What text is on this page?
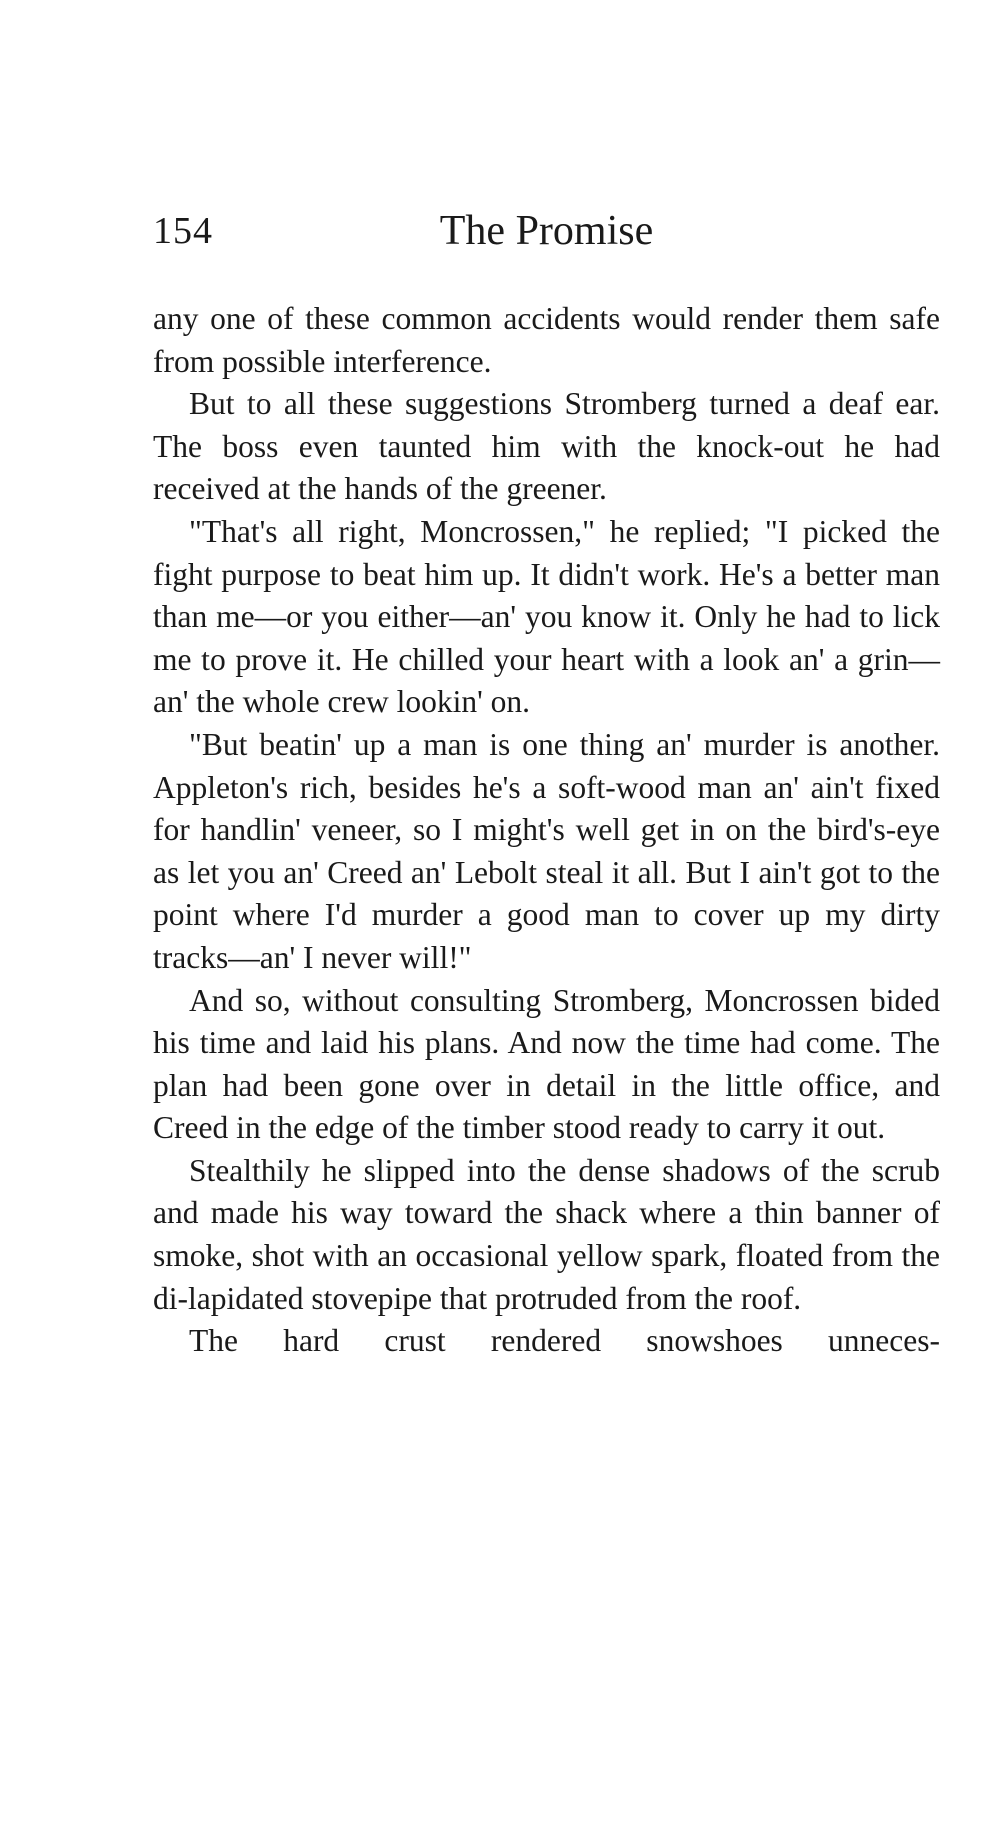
154	The Promise

any one of these common accidents would render them safe from possible interference.

But to all these suggestions Stromberg turned a deaf ear. The boss even taunted him with the knock-out he had received at the hands of the greener.

"That's all right, Moncrossen," he replied; "I picked the fight purpose to beat him up. It didn't work. He's a better man than me—or you either—an' you know it. Only he had to lick me to prove it. He chilled your heart with a look an' a grin—an' the whole crew lookin' on.

"But beatin' up a man is one thing an' murder is another. Appleton's rich, besides he's a soft-wood man an' ain't fixed for handlin' veneer, so I might's well get in on the bird's-eye as let you an' Creed an' Lebolt steal it all. But I ain't got to the point where I'd murder a good man to cover up my dirty tracks—an' I never will!"

And so, without consulting Stromberg, Moncrossen bided his time and laid his plans. And now the time had come. The plan had been gone over in detail in the little office, and Creed in the edge of the timber stood ready to carry it out.

Stealthily he slipped into the dense shadows of the scrub and made his way toward the shack where a thin banner of smoke, shot with an occasional yellow spark, floated from the di-lapidated stovepipe that protruded from the roof.

The hard crust rendered snowshoes unneces-
